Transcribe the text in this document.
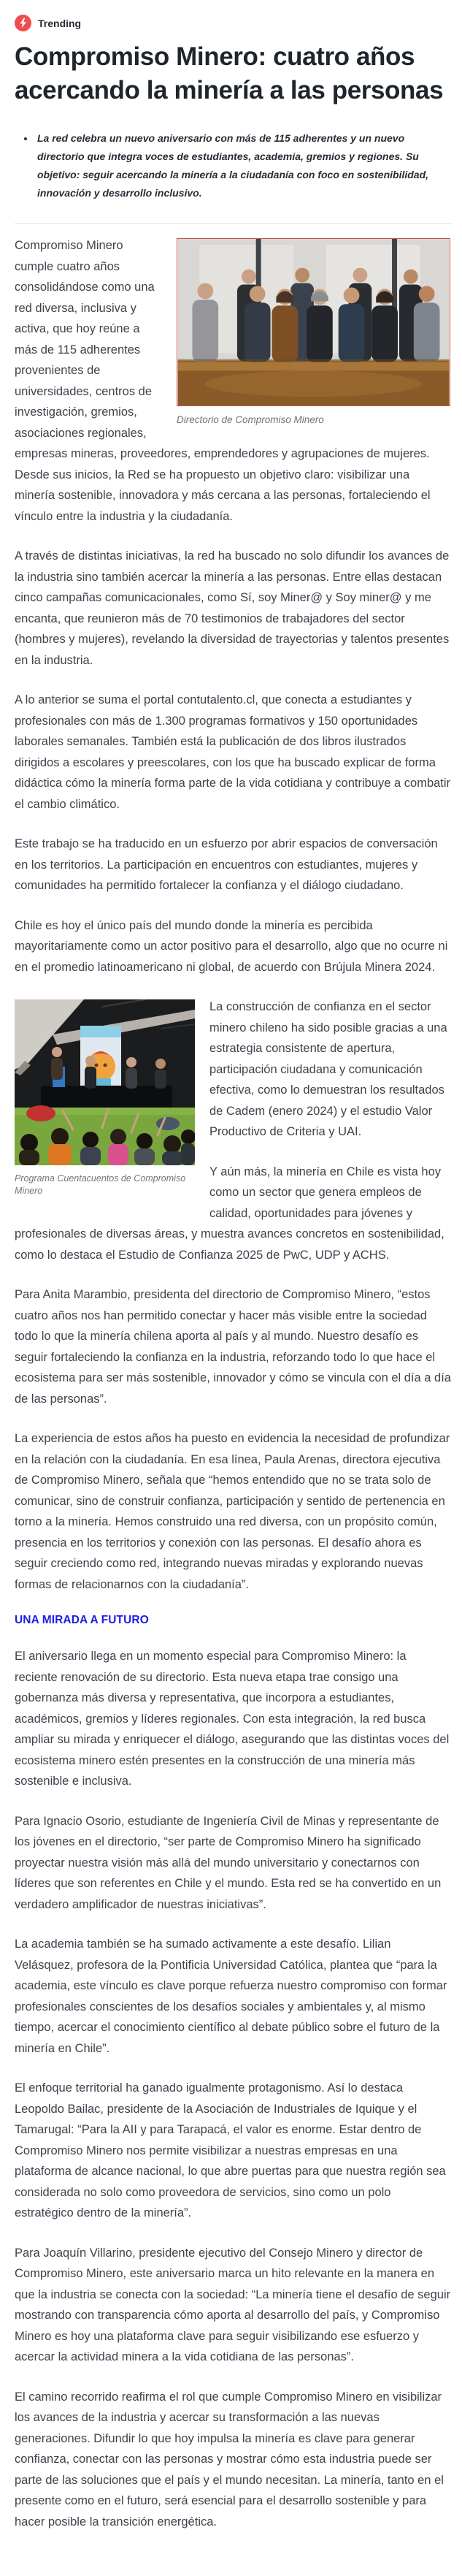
Trending
Compromiso Minero: cuatro años acercando la minería a las personas
• La red celebra un nuevo aniversario con más de 115 adherentes y un nuevo directorio que integra voces de estudiantes, academia, gremios y regiones. Su objetivo: seguir acercando la minería a la ciudadanía con foco en sostenibilidad, innovación y desarrollo inclusivo.
Directorio de Compromiso Minero
Compromiso Minero cumple cuatro años consolidándose como una red diversa, inclusiva y activa, que hoy reúne a más de 115 adherentes provenientes de universidades, centros de investigación, gremios, asociaciones regionales, empresas mineras, proveedores, emprendedores y agrupaciones de mujeres. Desde sus inicios, la Red se ha propuesto un objetivo claro: visibilizar una minería sostenible, innovadora y más cercana a las personas, fortaleciendo el vínculo entre la industria y la ciudadanía.

A través de distintas iniciativas, la red ha buscado no solo difundir los avances de la industria sino también acercar la minería a las personas. Entre ellas destacan cinco campañas comunicacionales, como Sí, soy Miner@ y Soy miner@ y me encanta, que reunieron más de 70 testimonios de trabajadores del sector (hombres y mujeres), revelando la diversidad de trayectorias y talentos presentes en la industria.

A lo anterior se suma el portal contutalento.cl, que conecta a estudiantes y profesionales con más de 1.300 programas formativos y 150 oportunidades laborales semanales. También está la publicación de dos libros ilustrados dirigidos a escolares y preescolares, con los que ha buscado explicar de forma didáctica cómo la minería forma parte de la vida cotidiana y contribuye a combatir el cambio climático.

Este trabajo se ha traducido en un esfuerzo por abrir espacios de conversación en los territorios. La participación en encuentros con estudiantes, mujeres y comunidades ha permitido fortalecer la confianza y el diálogo ciudadano.

Chile es hoy el único país del mundo donde la minería es percibida mayoritariamente como un actor positivo para el desarrollo, algo que no ocurre ni en el promedio latinoamericano ni global, de acuerdo con Brújula Minera 2024.

Programa Cuentacuentos de Compromiso Minero
La construcción de confianza en el sector minero chileno ha sido posible gracias a una estrategia consistente de apertura, participación ciudadana y comunicación efectiva, como lo demuestran los resultados de Cadem (enero 2024) y el estudio Valor Productivo de Criteria y UAI.

Y aún más, la minería en Chile es vista hoy como un sector que genera empleos de calidad, oportunidades para jóvenes y profesionales de diversas áreas, y muestra avances concretos en sostenibilidad, como lo destaca el Estudio de Confianza 2025 de PwC, UDP y ACHS.

Para Anita Marambio, presidenta del directorio de Compromiso Minero, “estos cuatro años nos han permitido conectar y hacer más visible entre la sociedad todo lo que la minería chilena aporta al país y al mundo. Nuestro desafío es seguir fortaleciendo la confianza en la industria, reforzando todo lo que hace el ecosistema para ser más sostenible, innovador y cómo se vincula con el día a día de las personas”.

La experiencia de estos años ha puesto en evidencia la necesidad de profundizar en la relación con la ciudadanía. En esa línea, Paula Arenas, directora ejecutiva de Compromiso Minero, señala que “hemos entendido que no se trata solo de comunicar, sino de construir confianza, participación y sentido de pertenencia en torno a la minería. Hemos construido una red diversa, con un propósito común, presencia en los territorios y conexión con las personas. El desafío ahora es seguir creciendo como red, integrando nuevas miradas y explorando nuevas formas de relacionarnos con la ciudadanía”.

UNA MIRADA A FUTURO

El aniversario llega en un momento especial para Compromiso Minero: la reciente renovación de su directorio. Esta nueva etapa trae consigo una gobernanza más diversa y representativa, que incorpora a estudiantes, académicos, gremios y líderes regionales. Con esta integración, la red busca ampliar su mirada y enriquecer el diálogo, asegurando que las distintas voces del ecosistema minero estén presentes en la construcción de una minería más sostenible e inclusiva.

Para Ignacio Osorio, estudiante de Ingeniería Civil de Minas y representante de los jóvenes en el directorio, “ser parte de Compromiso Minero ha significado proyectar nuestra visión más allá del mundo universitario y conectarnos con líderes que son referentes en Chile y el mundo. Esta red se ha convertido en un verdadero amplificador de nuestras iniciativas”.

La academia también se ha sumado activamente a este desafío. Lilian Velásquez, profesora de la Pontificia Universidad Católica, plantea que “para la academia, este vínculo es clave porque refuerza nuestro compromiso con formar profesionales conscientes de los desafíos sociales y ambientales y, al mismo tiempo, acercar el conocimiento científico al debate público sobre el futuro de la minería en Chile”.

El enfoque territorial ha ganado igualmente protagonismo. Así lo destaca Leopoldo Bailac, presidente de la Asociación de Industriales de Iquique y el Tamarugal: “Para la AII y para Tarapacá, el valor es enorme. Estar dentro de Compromiso Minero nos permite visibilizar a nuestras empresas en una plataforma de alcance nacional, lo que abre puertas para que nuestra región sea considerada no solo como proveedora de servicios, sino como un polo estratégico dentro de la minería”.

Para Joaquín Villarino, presidente ejecutivo del Consejo Minero y director de Compromiso Minero, este aniversario marca un hito relevante en la manera en que la industria se conecta con la sociedad: “La minería tiene el desafío de seguir mostrando con transparencia cómo aporta al desarrollo del país, y Compromiso Minero es hoy una plataforma clave para seguir visibilizando ese esfuerzo y acercar la actividad minera a la vida cotidiana de las personas”.

El camino recorrido reafirma el rol que cumple Compromiso Minero en visibilizar los avances de la industria y acercar su transformación a las nuevas generaciones. Difundir lo que hoy impulsa la minería es clave para generar confianza, conectar con las personas y mostrar cómo esta industria puede ser parte de las soluciones que el país y el mundo necesitan. La minería, tanto en el presente como en el futuro, será esencial para el desarrollo sostenible y para hacer posible la transición energética.
